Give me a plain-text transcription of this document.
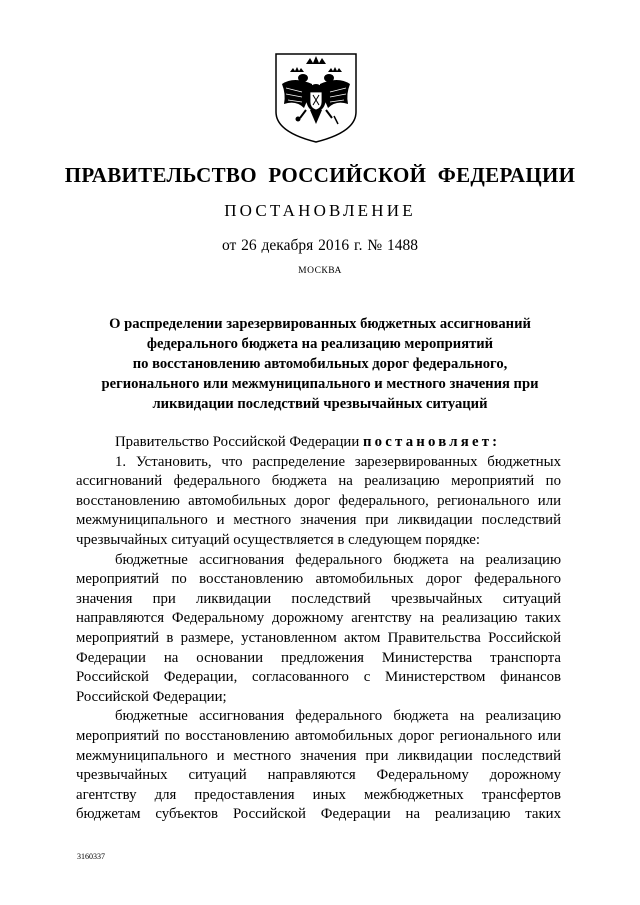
ПРАВИТЕЛЬСТВО РОССИЙСКОЙ ФЕДЕРАЦИИ
ПОСТАНОВЛЕНИЕ
от 26 декабря 2016 г. № 1488
МОСКВА
О распределении зарезервированных бюджетных ассигнований
федерального бюджета на реализацию мероприятий
по восстановлению автомобильных дорог федерального,
регионального или межмуниципального и местного значения при
ликвидации последствий чрезвычайных ситуаций
Правительство Российской Федерации постановляет:
1. Установить, что распределение зарезервированных бюджетных
ассигнований федерального бюджета на реализацию мероприятий по
восстановлению автомобильных дорог федерального, регионального или
межмуниципального и местного значения при ликвидации последствий
чрезвычайных ситуаций осуществляется в следующем порядке:
бюджетные ассигнования федерального бюджета на реализацию
мероприятий по восстановлению автомобильных дорог федерального
значения при ликвидации последствий чрезвычайных ситуаций
направляются Федеральному дорожному агентству на реализацию таких
мероприятий в размере, установленном актом Правительства Российской
Федерации на основании предложения Министерства транспорта
Российской Федерации, согласованного с Министерством финансов
Российской Федерации;
бюджетные ассигнования федерального бюджета на реализацию
мероприятий по восстановлению автомобильных дорог регионального или
межмуниципального и местного значения при ликвидации последствий
чрезвычайных ситуаций направляются Федеральному дорожному
агентству для предоставления иных межбюджетных трансфертов
бюджетам субъектов Российской Федерации на реализацию таких
3160337
